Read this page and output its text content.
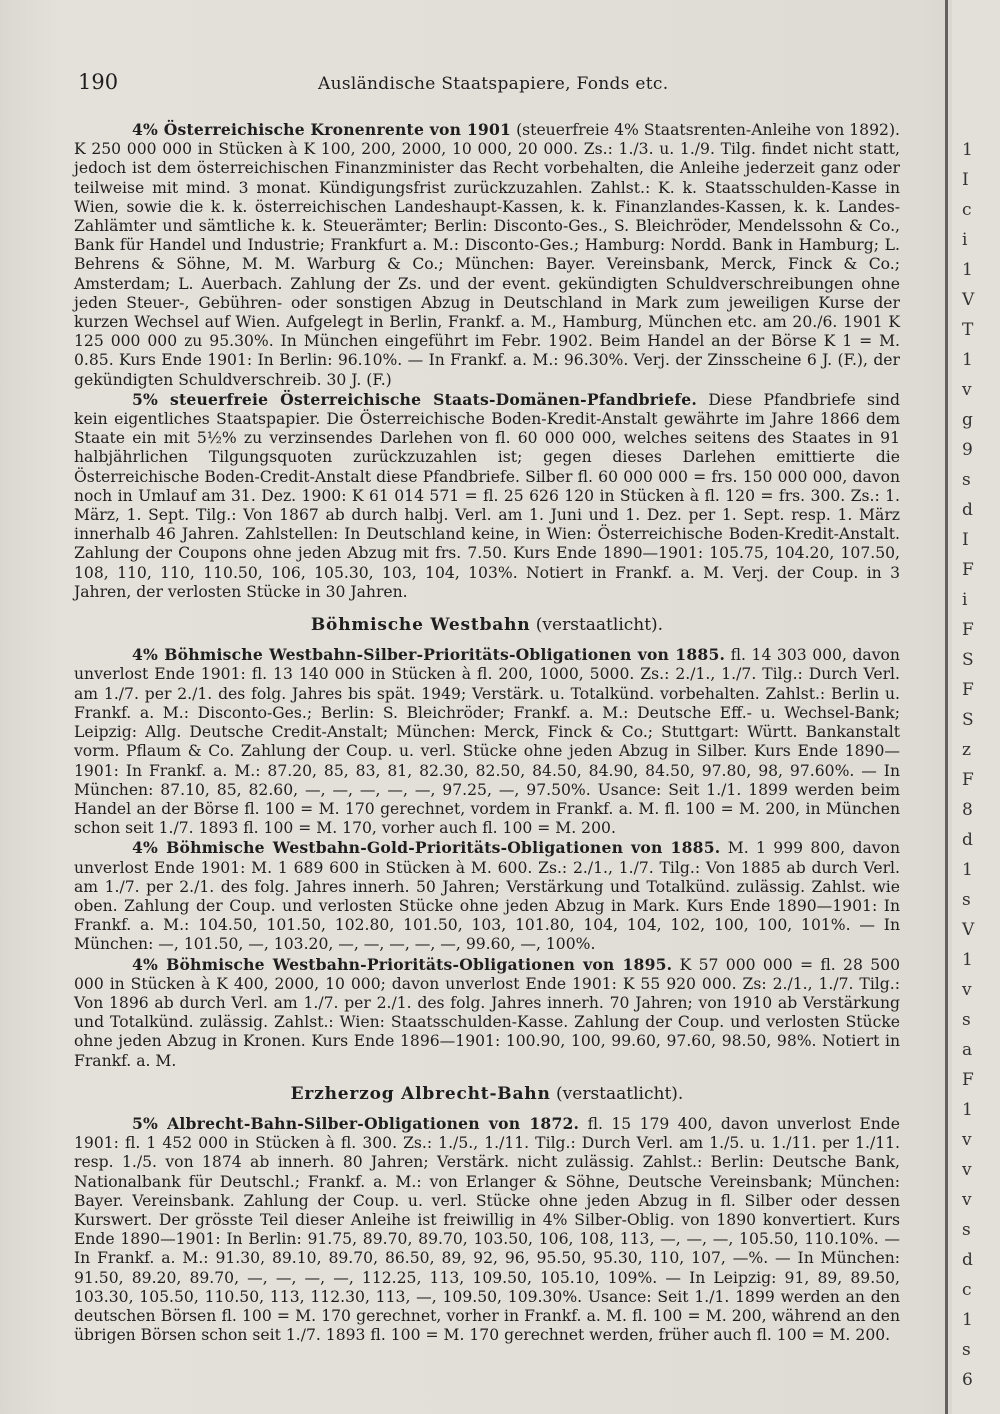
1
I
c
i
1
V
T
1
v
g
9
s
d
I
F
i
F
S
F
S
z
F
8
d
1
s
V
1
v
s
a
F
1
v
v
v
s
d
c
1
s
6
190	Ausländische Staatspapiere, Fonds etc.

4% Österreichische Kronenrente von 1901 (steuerfreie 4% Staatsrenten-Anleihe von 1892). K 250 000 000 in Stücken à K 100, 200, 2000, 10 000, 20 000. Zs.: 1./3. u. 1./9. Tilg. findet nicht statt, jedoch ist dem österreichischen Finanzminister das Recht vorbehalten, die Anleihe jederzeit ganz oder teilweise mit mind. 3 monat. Kündigungsfrist zurückzuzahlen. Zahlst.: K. k. Staatsschulden-Kasse in Wien, sowie die k. k. österreichischen Landeshaupt-Kassen, k. k. Finanzlandes-Kassen, k. k. Landes-Zahlämter und sämtliche k. k. Steuerämter; Berlin: Disconto-Ges., S. Bleichröder, Mendelssohn & Co., Bank für Handel und Industrie; Frankfurt a. M.: Disconto-Ges.; Hamburg: Nordd. Bank in Hamburg; L. Behrens & Söhne, M. M. Warburg & Co.; München: Bayer. Vereinsbank, Merck, Finck & Co.; Amsterdam; L. Auerbach. Zahlung der Zs. und der event. gekündigten Schuldverschreibungen ohne jeden Steuer-, Gebühren- oder sonstigen Abzug in Deutschland in Mark zum jeweiligen Kurse der kurzen Wechsel auf Wien. Aufgelegt in Berlin, Frankf. a. M., Hamburg, München etc. am 20./6. 1901 K 125 000 000 zu 95.30%. In München eingeführt im Febr. 1902. Beim Handel an der Börse K 1 = M. 0.85. Kurs Ende 1901: In Berlin: 96.10%. — In Frankf. a. M.: 96.30%. Verj. der Zinsscheine 6 J. (F.), der gekündigten Schuldverschreib. 30 J. (F.)

5% steuerfreie Österreichische Staats-Domänen-Pfandbriefe. Diese Pfandbriefe sind kein eigentliches Staatspapier. Die Österreichische Boden-Kredit-Anstalt gewährte im Jahre 1866 dem Staate ein mit 5½% zu verzinsendes Darlehen von fl. 60 000 000, welches seitens des Staates in 91 halbjährlichen Tilgungsquoten zurückzuzahlen ist; gegen dieses Darlehen emittierte die Österreichische Boden-Credit-Anstalt diese Pfandbriefe. Silber fl. 60 000 000 = frs. 150 000 000, davon noch in Umlauf am 31. Dez. 1900: K 61 014 571 = fl. 25 626 120 in Stücken à fl. 120 = frs. 300. Zs.: 1. März, 1. Sept. Tilg.: Von 1867 ab durch halbj. Verl. am 1. Juni und 1. Dez. per 1. Sept. resp. 1. März innerhalb 46 Jahren. Zahlstellen: In Deutschland keine, in Wien: Österreichische Boden-Kredit-Anstalt. Zahlung der Coupons ohne jeden Abzug mit frs. 7.50. Kurs Ende 1890—1901: 105.75, 104.20, 107.50, 108, 110, 110, 110.50, 106, 105.30, 103, 104, 103%. Notiert in Frankf. a. M. Verj. der Coup. in 3 Jahren, der verlosten Stücke in 30 Jahren.

Böhmische Westbahn (verstaatlicht).

4% Böhmische Westbahn-Silber-Prioritäts-Obligationen von 1885. fl. 14 303 000, davon unverlost Ende 1901: fl. 13 140 000 in Stücken à fl. 200, 1000, 5000. Zs.: 2./1., 1./7. Tilg.: Durch Verl. am 1./7. per 2./1. des folg. Jahres bis spät. 1949; Verstärk. u. Totalkünd. vorbehalten. Zahlst.: Berlin u. Frankf. a. M.: Disconto-Ges.; Berlin: S. Bleichröder; Frankf. a. M.: Deutsche Eff.- u. Wechsel-Bank; Leipzig: Allg. Deutsche Credit-Anstalt; München: Merck, Finck & Co.; Stuttgart: Württ. Bankanstalt vorm. Pflaum & Co. Zahlung der Coup. u. verl. Stücke ohne jeden Abzug in Silber. Kurs Ende 1890—1901: In Frankf. a. M.: 87.20, 85, 83, 81, 82.30, 82.50, 84.50, 84.90, 84.50, 97.80, 98, 97.60%. — In München: 87.10, 85, 82.60, —, —, —, —, —, 97.25, —, 97.50%. Usance: Seit 1./1. 1899 werden beim Handel an der Börse fl. 100 = M. 170 gerechnet, vordem in Frankf. a. M. fl. 100 = M. 200, in München schon seit 1./7. 1893 fl. 100 = M. 170, vorher auch fl. 100 = M. 200.

4% Böhmische Westbahn-Gold-Prioritäts-Obligationen von 1885. M. 1 999 800, davon unverlost Ende 1901: M. 1 689 600 in Stücken à M. 600. Zs.: 2./1., 1./7. Tilg.: Von 1885 ab durch Verl. am 1./7. per 2./1. des folg. Jahres innerh. 50 Jahren; Verstärkung und Totalkünd. zulässig. Zahlst. wie oben. Zahlung der Coup. und verlosten Stücke ohne jeden Abzug in Mark. Kurs Ende 1890—1901: In Frankf. a. M.: 104.50, 101.50, 102.80, 101.50, 103, 101.80, 104, 104, 102, 100, 100, 101%. — In München: —, 101.50, —, 103.20, —, —, —, —, —, 99.60, —, 100%.

4% Böhmische Westbahn-Prioritäts-Obligationen von 1895. K 57 000 000 = fl. 28 500 000 in Stücken à K 400, 2000, 10 000; davon unverlost Ende 1901: K 55 920 000. Zs: 2./1., 1./7. Tilg.: Von 1896 ab durch Verl. am 1./7. per 2./1. des folg. Jahres innerh. 70 Jahren; von 1910 ab Verstärkung und Totalkünd. zulässig. Zahlst.: Wien: Staatsschulden-Kasse. Zahlung der Coup. und verlosten Stücke ohne jeden Abzug in Kronen. Kurs Ende 1896—1901: 100.90, 100, 99.60, 97.60, 98.50, 98%. Notiert in Frankf. a. M.

Erzherzog Albrecht-Bahn (verstaatlicht).

5% Albrecht-Bahn-Silber-Obligationen von 1872. fl. 15 179 400, davon unverlost Ende 1901: fl. 1 452 000 in Stücken à fl. 300. Zs.: 1./5., 1./11. Tilg.: Durch Verl. am 1./5. u. 1./11. per 1./11. resp. 1./5. von 1874 ab innerh. 80 Jahren; Verstärk. nicht zulässig. Zahlst.: Berlin: Deutsche Bank, Nationalbank für Deutschl.; Frankf. a. M.: von Erlanger & Söhne, Deutsche Vereinsbank; München: Bayer. Vereinsbank. Zahlung der Coup. u. verl. Stücke ohne jeden Abzug in fl. Silber oder dessen Kurswert. Der grösste Teil dieser Anleihe ist freiwillig in 4% Silber-Oblig. von 1890 konvertiert. Kurs Ende 1890—1901: In Berlin: 91.75, 89.70, 89.70, 103.50, 106, 108, 113, —, —, —, 105.50, 110.10%. — In Frankf. a. M.: 91.30, 89.10, 89.70, 86.50, 89, 92, 96, 95.50, 95.30, 110, 107, —%. — In München: 91.50, 89.20, 89.70, —, —, —, —, 112.25, 113, 109.50, 105.10, 109%. — In Leipzig: 91, 89, 89.50, 103.30, 105.50, 110.50, 113, 112.30, 113, —, 109.50, 109.30%. Usance: Seit 1./1. 1899 werden an den deutschen Börsen fl. 100 = M. 170 gerechnet, vorher in Frankf. a. M. fl. 100 = M. 200, während an den übrigen Börsen schon seit 1./7. 1893 fl. 100 = M. 170 gerechnet werden, früher auch fl. 100 = M. 200.
